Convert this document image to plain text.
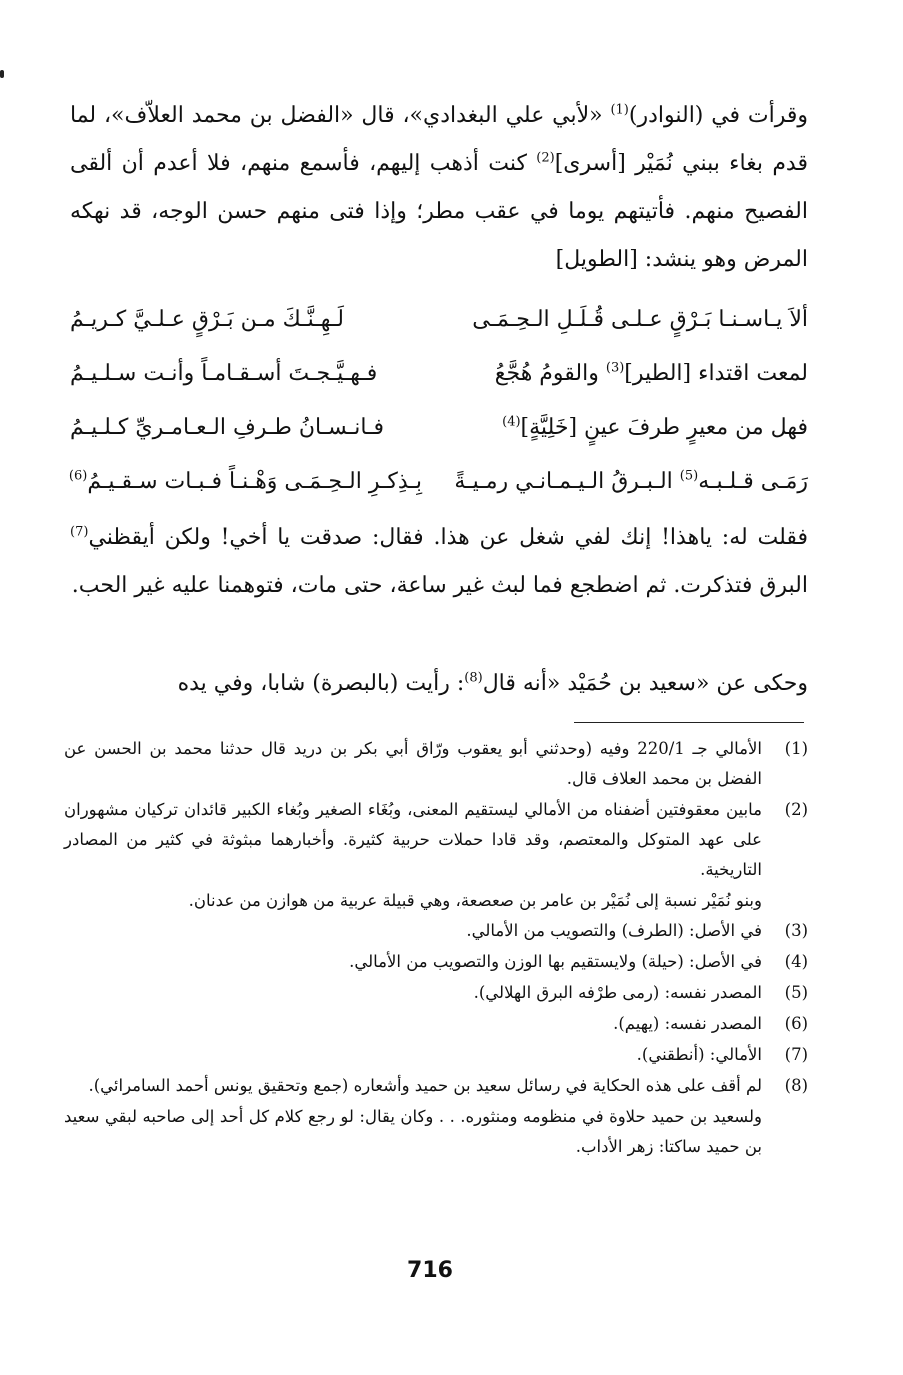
وقرأت في (النوادر)$^{(1)}$ «لأبي علي البغدادي»، قال «الفضل بن محمد العلاّف»، لما قدم بغاء ببني نُمَيْر [أسرى]$^{(2)}$ كنت أذهب إليهم، فأسمع منهم، فلا أعدم أن ألقى الفصيح منهم. فأتيتهم يوما في عقب مطر؛ وإذا فتى منهم حسن الوجه، قد نهكه المرض وهو ينشد: [الطويل]

ألاَ يـاسـنـا بَـرْقٍ عـلـى قُـلَـلِ الـحِـمَـى
لَـهِـنَّـكَ مـن بَـرْقٍ عـلـيَّ كـريـمُ
لمعت اقتداء [الطير]$^{(3)}$ والقومُ هُجَّعُ
فـهـيَّـجـتَ أسـقـامـاً وأنـت سـلـيـمُ
فهل من معيرٍ طرفَ عينٍ [خَلِيَّةٍ]$^{(4)}$
فـانـسـانُ طـرفِ الـعـامـريِّ كـلـيـمُ
رَمَـى قـلـبـه$^{(5)}$ الـبـرقُ الـيـمـانـي رمـيـةً
بِـذِكـرِ الـحِـمَـى وَهْـنـاً فـبـات سـقـيـمُ$^{(6)}$

فقلت له: ياهذا! إنك لفي شغل عن هذا. فقال: صدقت يا أخي! ولكن أيقظني$^{(7)}$ البرق فتذكرت. ثم اضطجع فما لبث غير ساعة، حتى مات، فتوهمنا عليه غير الحب.

وحكى عن «سعيد بن حُمَيْد «أنه قال$^{(8)}$: رأيت (بالبصرة) شابا، وفي يده

(1)
الأمالي جـ 220/1 وفيه (وحدثني أبو يعقوب ورّاق أبي بكر بن دريد قال حدثنا محمد بن الحسن عن الفضل بن محمد العلاف قال.
(2)
مابين معقوفتين أضفناه من الأمالي ليستقيم المعنى، وبُغَاء الصغير وبُغاء الكبير قائدان تركيان مشهوران على عهد المتوكل والمعتصم، وقد قادا حملات حربية كثيرة. وأخبارهما مبثوثة في كثير من المصادر التاريخية.
وبنو نُمَيْر نسبة إلى نُمَيْر بن عامر بن صعصعة، وهي قبيلة عربية من هوازن من عدنان.
(3)
في الأصل: (الطرف) والتصويب من الأمالي.
(4)
في الأصل: (حيلة) ولايستقيم بها الوزن والتصويب من الأمالي.
(5)
المصدر نفسه: (رمى طرْفه البرق الهلالي).
(6)
المصدر نفسه: (يهيم).
(7)
الأمالي: (أنطقني).
(8)
لم أقف على هذه الحكاية في رسائل سعيد بن حميد وأشعاره (جمع وتحقيق يونس أحمد السامرائي).
ولسعيد بن حميد حلاوة في منظومه ومنثوره. . . وكان يقال: لو رجع كلام كل أحد إلى صاحبه لبقي سعيد بن حميد ساكتا: زهر الأداب.
716
